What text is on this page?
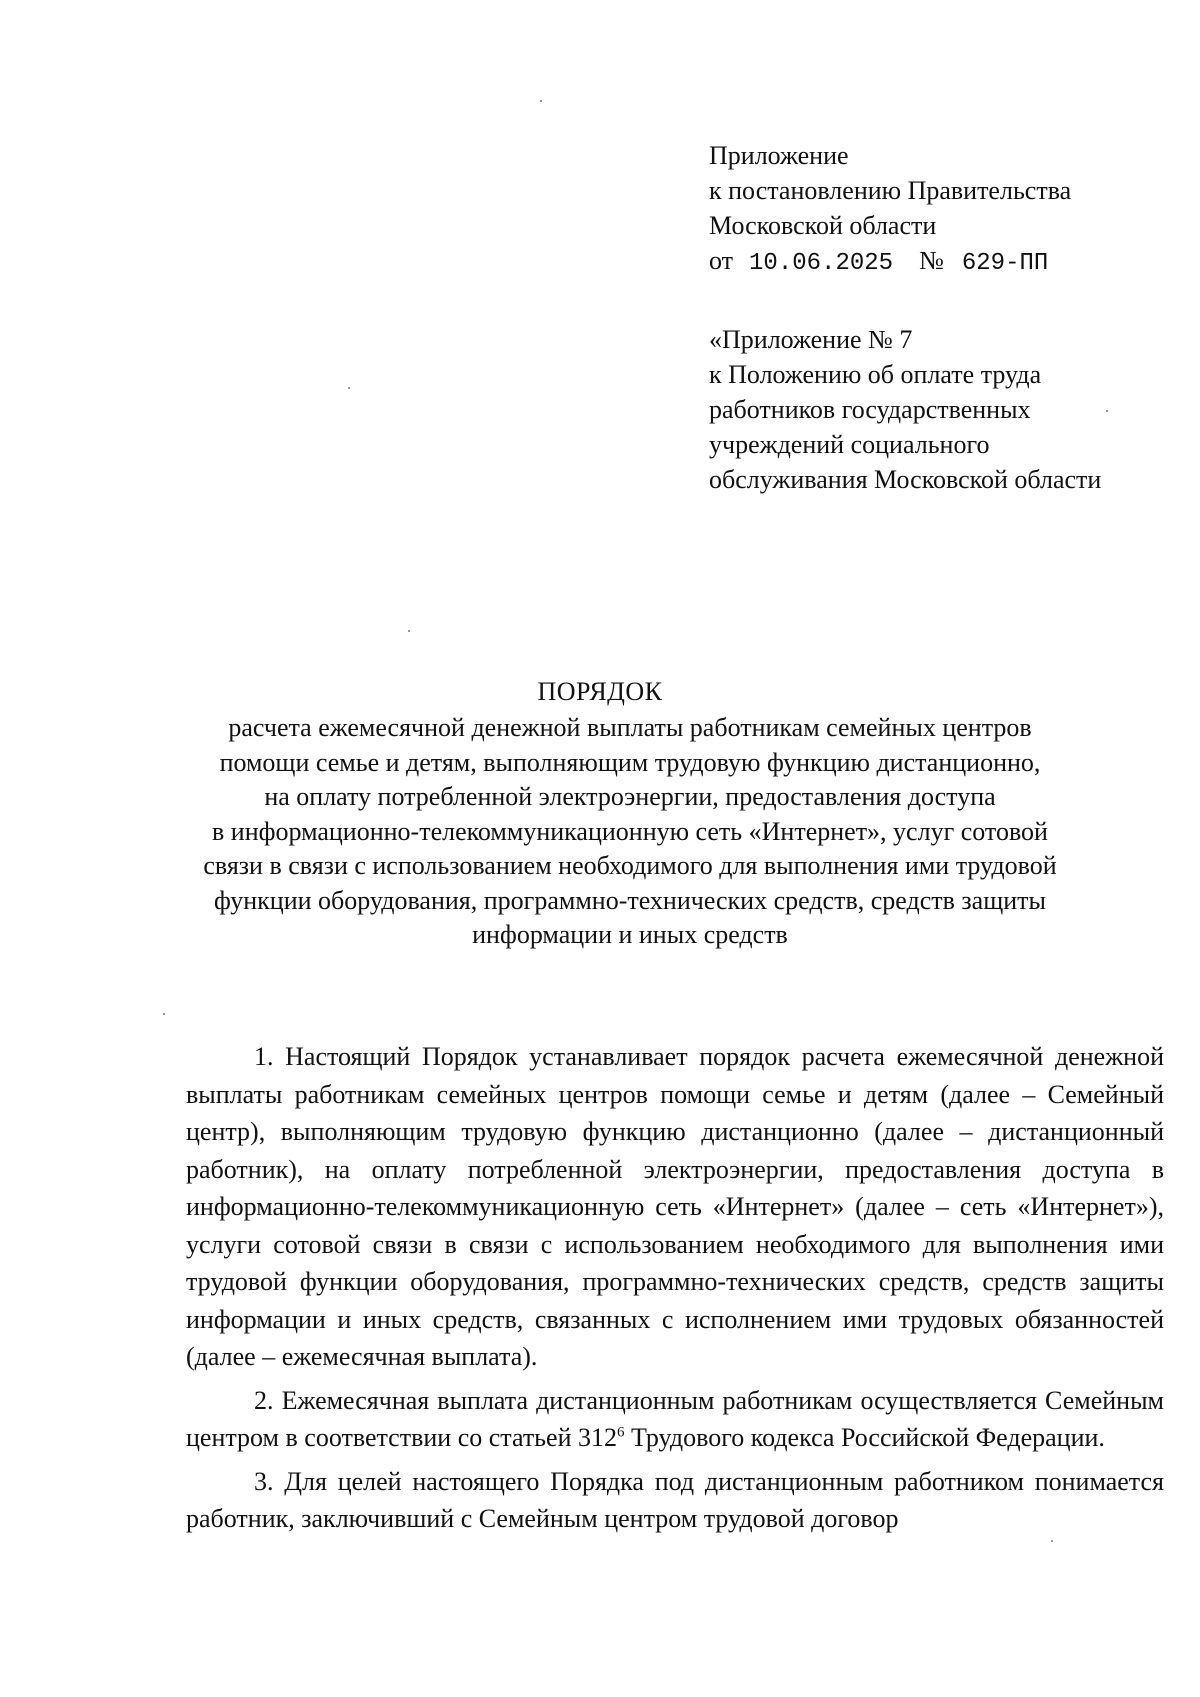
Приложение
к постановлению Правительства
Московской области
от 10.06.2025 № 629-ПП
«Приложение № 7
к Положению об оплате труда
работников государственных
учреждений социального
обслуживания Московской области
ПОРЯДОК
расчета ежемесячной денежной выплаты работникам семейных центров
помощи семье и детям, выполняющим трудовую функцию дистанционно,
на оплату потребленной электроэнергии, предоставления доступа
в информационно-телекоммуникационную сеть «Интернет», услуг сотовой
связи в связи с использованием необходимого для выполнения ими трудовой
функции оборудования, программно-технических средств, средств защиты
информации и иных средств

1. Настоящий Порядок устанавливает порядок расчета ежемесячной денежной выплаты работникам семейных центров помощи семье и детям (далее – Семейный центр), выполняющим трудовую функцию дистанционно (далее – дистанционный работник), на оплату потребленной электроэнергии, предоставления доступа в информационно-телекоммуникационную сеть «Интернет» (далее – сеть «Интернет»), услуги сотовой связи в связи с использованием необходимого для выполнения ими трудовой функции оборудования, программно-технических средств, средств защиты информации и иных средств, связанных с исполнением ими трудовых обязанностей (далее – ежемесячная выплата).

2. Ежемесячная выплата дистанционным работникам осуществляется Семейным центром в соответствии со статьей $312^6$ Трудового кодекса Российской Федерации.

3. Для целей настоящего Порядка под дистанционным работником понимается работник, заключивший с Семейным центром трудовой договор
